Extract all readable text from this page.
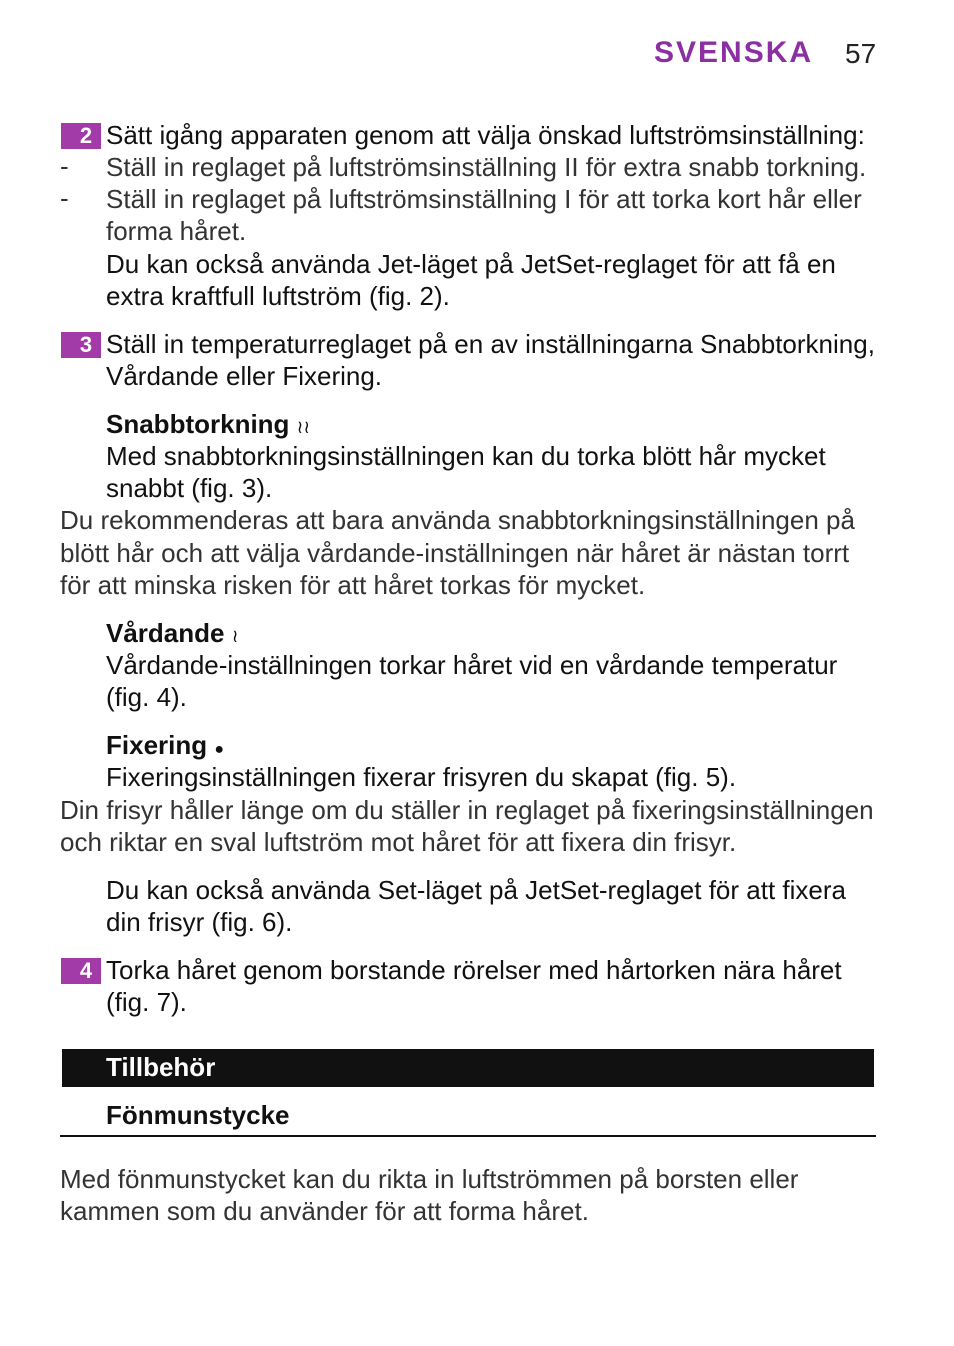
SVENSKA 57
2 Sätt igång apparaten genom att välja önskad luftströmsinställning:
- Ställ in reglaget på luftströmsinställning II för extra snabb torkning.
- Ställ in reglaget på luftströmsinställning I för att torka kort hår eller
forma håret.
Du kan också använda Jet-läget på JetSet-reglaget för att få en
extra kraftfull luftström (fig. 2).
3 Ställ in temperaturreglaget på en av inställningarna Snabbtorkning,
Vårdande eller Fixering.
Snabbtorkning ≀≀
Med snabbtorkningsinställningen kan du torka blött hår mycket
snabbt (fig. 3).
Du rekommenderas att bara använda snabbtorkningsinställningen på
blött hår och att välja vårdande-inställningen när håret är nästan torrt
för att minska risken för att håret torkas för mycket.
Vårdande ≀
Vårdande-inställningen torkar håret vid en vårdande temperatur
(fig. 4).
Fixering ●
Fixeringsinställningen fixerar frisyren du skapat (fig. 5).
Din frisyr håller länge om du ställer in reglaget på fixeringsinställningen
och riktar en sval luftström mot håret för att fixera din frisyr.
Du kan också använda Set-läget på JetSet-reglaget för att fixera
din frisyr (fig. 6).
4 Torka håret genom borstande rörelser med hårtorken nära håret
(fig. 7).
Tillbehör
Fönmunstycke
Med fönmunstycket kan du rikta in luftströmmen på borsten eller
kammen som du använder för att forma håret.
